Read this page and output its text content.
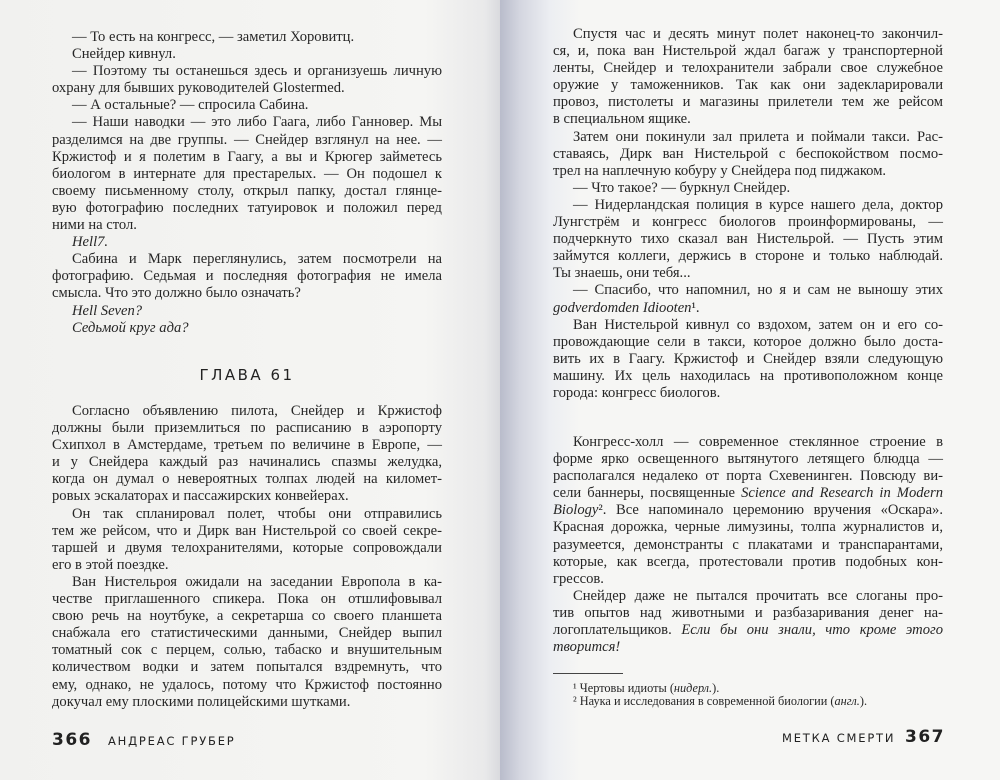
— То есть на конгресс, — заметил Хоровитц.
Снейдер кивнул.
— Поэтому ты останешься здесь и организуешь личную
охрану для бывших руководителей Glostermed.
— А остальные? — спросила Сабина.
— Наши наводки — это либо Гаага, либо Ганновер. Мы
разделимся на две группы. — Снейдер взглянул на нее. —
Кржистоф и я полетим в Гаагу, а вы и Крюгер займетесь
биологом в интернате для престарелых. — Он подошел к
своему письменному столу, открыл папку, достал глянце-
вую фотографию последних татуировок и положил перед
ними на стол.
Hell7.
Сабина и Марк переглянулись, затем посмотрели на
фотографию. Седьмая и последняя фотография не имела
смысла. Что это должно было означать?
Hell Seven?
Седьмой круг ада?
ГЛАВА 61
Согласно объявлению пилота, Снейдер и Кржистоф
должны были приземлиться по расписанию в аэропорту
Схипхол в Амстердаме, третьем по величине в Европе, —
и у Снейдера каждый раз начинались спазмы желудка,
когда он думал о невероятных толпах людей на километ-
ровых эскалаторах и пассажирских конвейерах.
Он так спланировал полет, чтобы они отправились
тем же рейсом, что и Дирк ван Нистельрой со своей секре-
таршей и двумя телохранителями, которые сопровождали
его в этой поездке.
Ван Нистельроя ожидали на заседании Европола в ка-
честве приглашенного спикера. Пока он отшлифовывал
свою речь на ноутбуке, а секретарша со своего планшета
снабжала его статистическими данными, Снейдер выпил
томатный сок с перцем, солью, табаско и внушительным
количеством водки и затем попытался вздремнуть, что
ему, однако, не удалось, потому что Кржистоф постоянно
докучал ему плоскими полицейскими шутками.
366 АНДРЕАС ГРУБЕР
Спустя час и десять минут полет наконец-то закончил-
ся, и, пока ван Нистельрой ждал багаж у транспортерной
ленты, Снейдер и телохранители забрали свое служебное
оружие у таможенников. Так как они задекларировали
провоз, пистолеты и магазины прилетели тем же рейсом
в специальном ящике.
Затем они покинули зал прилета и поймали такси. Рас-
ставаясь, Дирк ван Нистельрой с беспокойством посмо-
трел на наплечную кобуру у Снейдера под пиджаком.
— Что такое? — буркнул Снейдер.
— Нидерландская полиция в курсе нашего дела, доктор
Лунгстрём и конгресс биологов проинформированы, —
подчеркнуто тихо сказал ван Нистельрой. — Пусть этим
займутся коллеги, держись в стороне и только наблюдай.
Ты знаешь, они тебя...
— Спасибо, что напомнил, но я и сам не выношу этих
godverdomden Idiooten¹.
Ван Нистельрой кивнул со вздохом, затем он и его со-
провождающие сели в такси, которое должно было доста-
вить их в Гаагу. Кржистоф и Снейдер взяли следующую
машину. Их цель находилась на противоположном конце
города: конгресс биологов.
Конгресс-холл — современное стеклянное строение в
форме ярко освещенного вытянутого летящего блюдца —
располагался недалеко от порта Схевенинген. Повсюду ви-
сели баннеры, посвященные Science and Research in Modern
Biology². Все напоминало церемонию вручения «Оскара».
Красная дорожка, черные лимузины, толпа журналистов и,
разумеется, демонстранты с плакатами и транспарантами,
которые, как всегда, протестовали против подобных кон-
грессов.
Снейдер даже не пытался прочитать все слоганы про-
тив опытов над животными и разбазаривания денег на-
логоплательщиков. Если бы они знали, что кроме этого
творится!
¹ Чертовы идиоты (нидерл.).
² Наука и исследования в современной биологии (англ.).
МЕТКА СМЕРТИ 367
